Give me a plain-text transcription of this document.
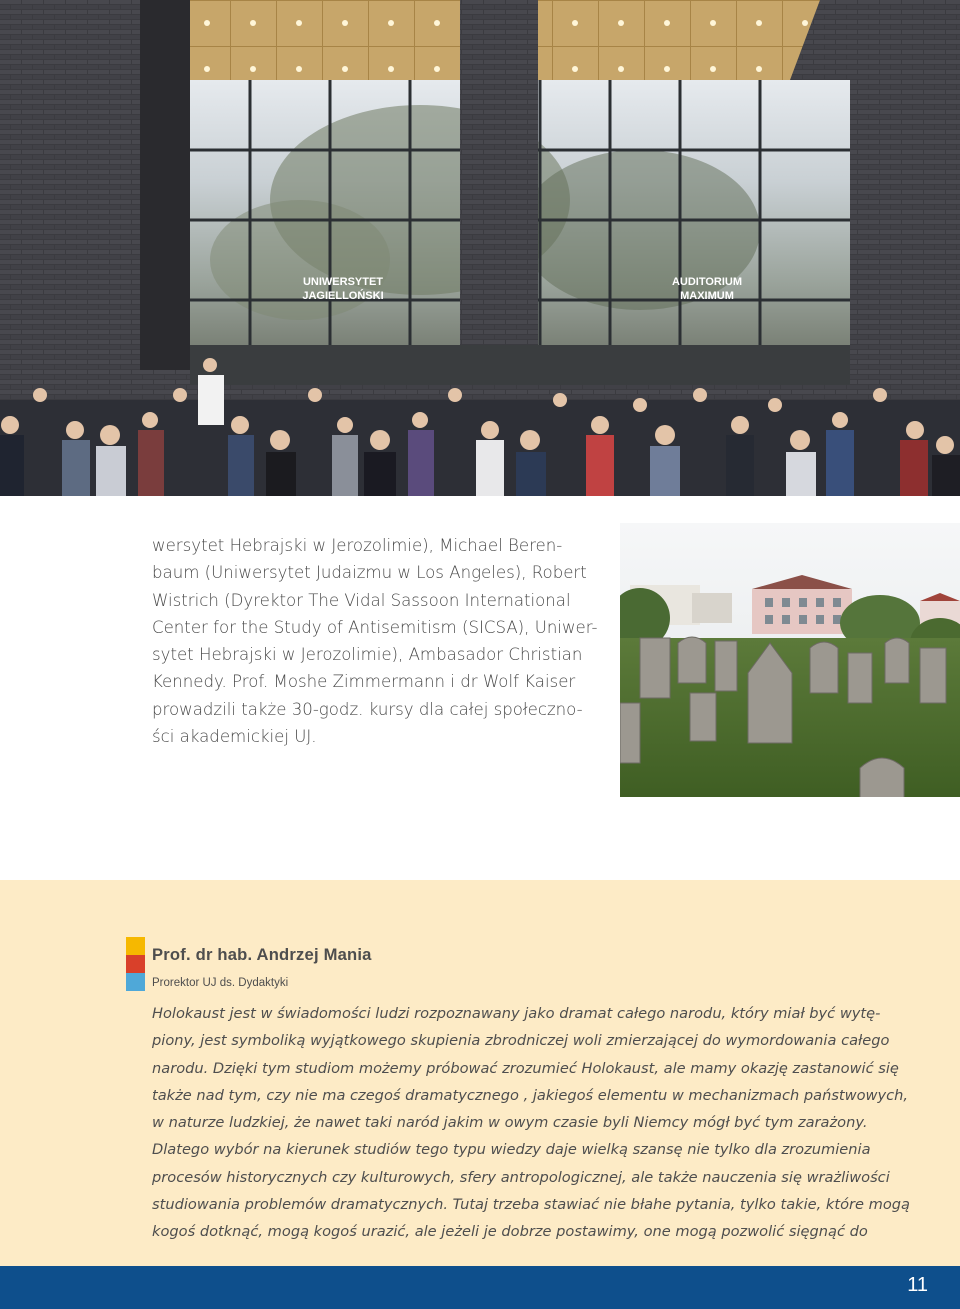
UNIWERSYTET
JAGIELLOŃSKI
AUDITORIUM
MAXIMUM

wersytet Hebrajski w Jerozolimie), Michael Beren-
baum (Uniwersytet Judaizmu w Los Angeles), Robert
Wistrich (Dyrektor The Vidal Sassoon International
Center for the Study of Antisemitism (SICSA), Uniwer-
sytet Hebrajski w Jerozolimie), Ambasador Christian
Kennedy. Prof. Moshe Zimmermann i dr Wolf Kaiser
prowadzili także 30-godz. kursy dla całej społeczno-
ści akademickiej UJ.

Prof. dr hab. Andrzej Mania

Prorektor UJ ds. Dydaktyki

Holokaust jest w świadomości ludzi rozpoznawany jako dramat całego narodu, który miał być wytę-
piony, jest symboliką wyjątkowego skupienia zbrodniczej woli zmierzającej do wymordowania całego
narodu. Dzięki tym studiom możemy próbować zrozumieć Holokaust, ale mamy okazję zastanowić się
także nad tym, czy nie ma czegoś dramatycznego , jakiegoś elementu w mechanizmach państwowych,
w naturze ludzkiej, że nawet taki naród jakim w owym czasie byli Niemcy mógł być tym zarażony.
Dlatego wybór na kierunek studiów tego typu wiedzy daje wielką szansę nie tylko dla zrozumienia
procesów historycznych czy kulturowych, sfery antropologicznej, ale także nauczenia się wrażliwości
studiowania problemów dramatycznych. Tutaj trzeba stawiać nie błahe pytania, tylko takie, które mogą
kogoś dotknąć, mogą kogoś urazić, ale jeżeli je dobrze postawimy, one mogą pozwolić sięgnąć do

11
